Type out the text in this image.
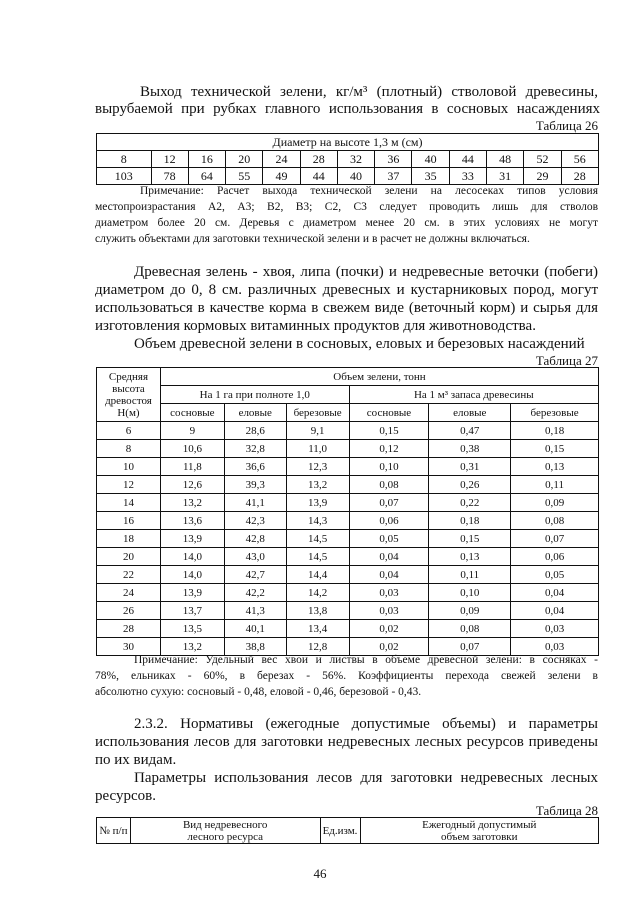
Выход технической зелени, кг/м³ (плотный) стволовой древесины,
вырубаемой при рубках главного использования в сосновых насаждениях
Таблица 26
Диаметр на высоте 1,3 м (см)												
8	12	16	20	24	28	32	36	40	44	48	52	56
103	78	64	55	49	44	40	37	35	33	31	29	28
Примечание: Расчет выхода технической зелени на лесосеках типов условия
местопроизрастания А2, А3; В2, В3; С2, С3 следует проводить лишь для стволов
диаметром более 20 см. Деревья с диаметром менее 20 см. в этих условиях не могут
служить объектами для заготовки технической зелени и в расчет не должны включаться.
Древесная зелень - хвоя, липа (почки) и недревесные веточки (побеги)
диаметром до 0, 8 см. различных древесных и кустарниковых пород, могут
использоваться в качестве корма в свежем виде (веточный корм) и сырья для
изготовления кормовых витаминных продуктов для животноводства.
Объем древесной зелени в сосновых, еловых и березовых насаждений
Таблица 27
Средняя высота древостоя Н(м)	Объем зелени, тонн					
	На 1 га при полноте 1,0			На 1 м³ запаса древесины		
	сосновые	еловые	березовые	сосновые	еловые	березовые
6	9	28,6	9,1	0,15	0,47	0,18
8	10,6	32,8	11,0	0,12	0,38	0,15
10	11,8	36,6	12,3	0,10	0,31	0,13
12	12,6	39,3	13,2	0,08	0,26	0,11
14	13,2	41,1	13,9	0,07	0,22	0,09
16	13,6	42,3	14,3	0,06	0,18	0,08
18	13,9	42,8	14,5	0,05	0,15	0,07
20	14,0	43,0	14,5	0,04	0,13	0,06
22	14,0	42,7	14,4	0,04	0,11	0,05
24	13,9	42,2	14,2	0,03	0,10	0,04
26	13,7	41,3	13,8	0,03	0,09	0,04
28	13,5	40,1	13,4	0,02	0,08	0,03
30	13,2	38,8	12,8	0,02	0,07	0,03
Примечание: Удельный вес хвои и листвы в объеме древесной зелени: в сосняках -
78%, ельниках - 60%, в березах - 56%. Коэффициенты перехода свежей зелени в
абсолютно сухую: сосновый - 0,48, еловой - 0,46, березовой - 0,43.
2.3.2. Нормативы (ежегодные допустимые объемы) и параметры
использования лесов для заготовки недревесных лесных ресурсов приведены
по их видам.
Параметры использования лесов для заготовки недревесных лесных
ресурсов.
Таблица 28
№ п/п	Вид недревесного лесного ресурса	Ед.изм.	Ежегодный допустимый объем заготовки
46
